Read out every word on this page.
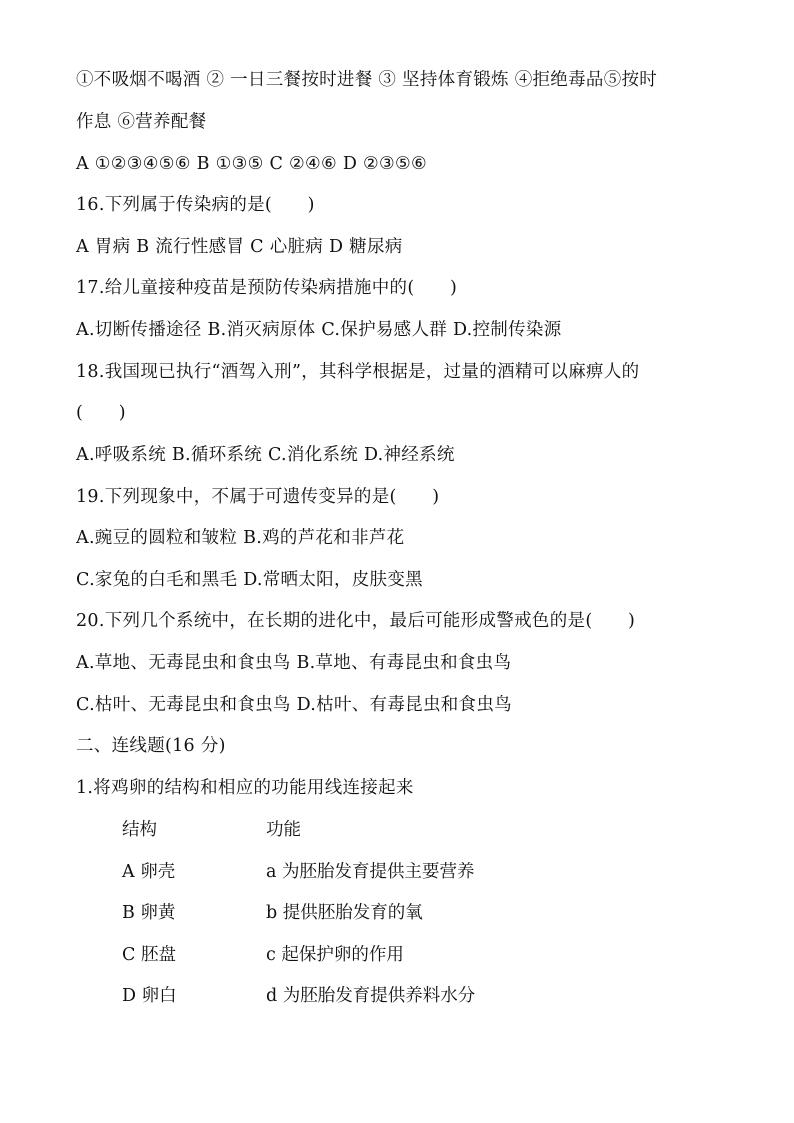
①不吸烟不喝酒 ② 一日三餐按时进餐 ③ 坚持体育锻炼 ④拒绝毒品⑤按时
作息 ⑥营养配餐
A ①②③④⑤⑥ B ①③⑤ C ②④⑥ D ②③⑤⑥
16.下列属于传染病的是(　　)
A 胃病 B 流行性感冒 C 心脏病 D 糖尿病
17.给儿童接种疫苗是预防传染病措施中的(　　)
A.切断传播途径 B.消灭病原体 C.保护易感人群 D.控制传染源
18.我国现已执行“酒驾入刑”，其科学根据是，过量的酒精可以麻痹人的
(　　)
A.呼吸系统 B.循环系统 C.消化系统 D.神经系统
19.下列现象中，不属于可遗传变异的是(　　)
A.豌豆的圆粒和皱粒 B.鸡的芦花和非芦花
C.家兔的白毛和黑毛 D.常晒太阳，皮肤变黑
20.下列几个系统中，在长期的进化中，最后可能形成警戒色的是(　　)
A.草地、无毒昆虫和食虫鸟 B.草地、有毒昆虫和食虫鸟
C.枯叶、无毒昆虫和食虫鸟 D.枯叶、有毒昆虫和食虫鸟
二、连线题(16 分)
1.将鸡卵的结构和相应的功能用线连接起来
结构	功能
A 卵壳	a 为胚胎发育提供主要营养
B 卵黄	b 提供胚胎发育的氧
C 胚盘	c 起保护卵的作用
D 卵白	d 为胚胎发育提供养料水分
